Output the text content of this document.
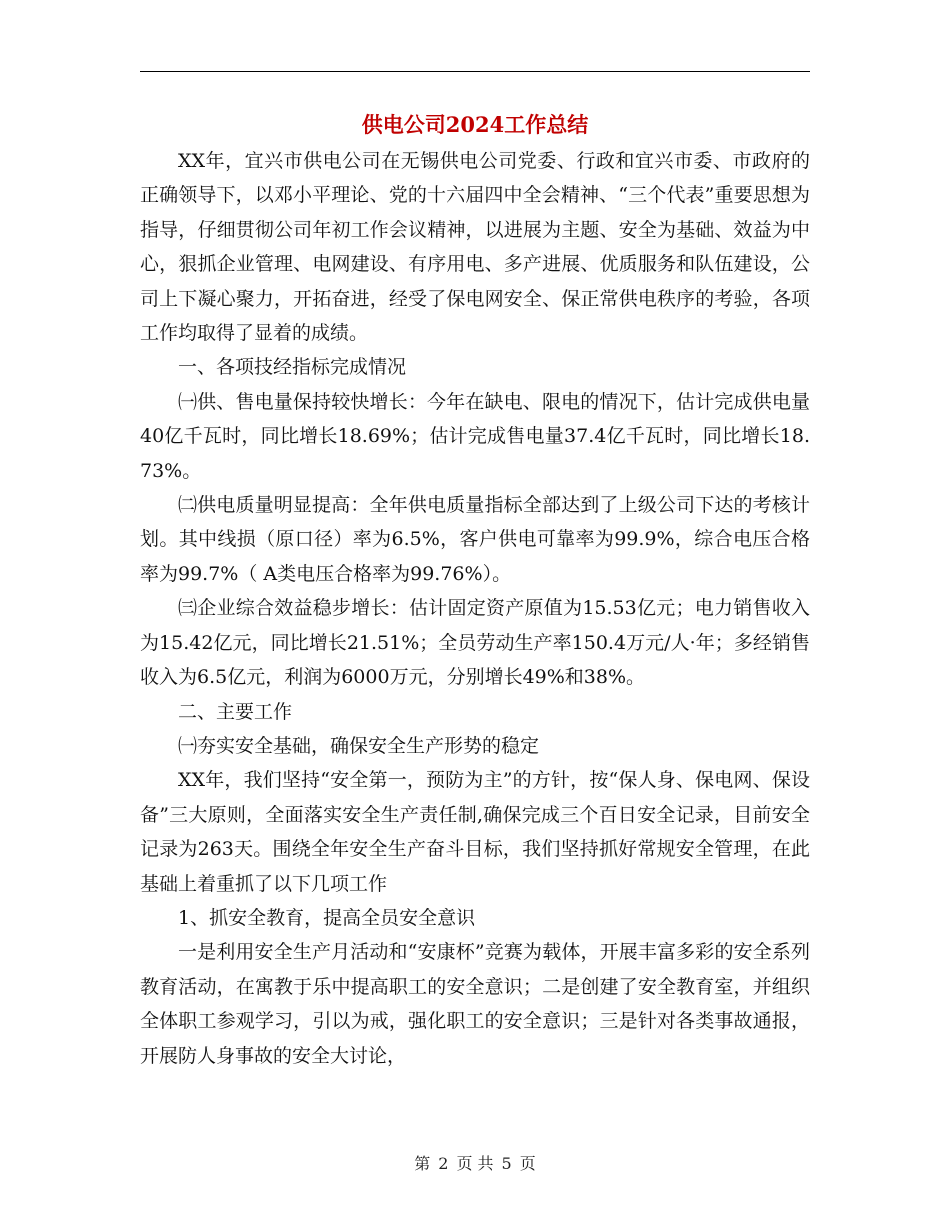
供电公司2024工作总结

XX年，宜兴市供电公司在无锡供电公司党委、行政和宜兴市委、市政府的正确领导下，以邓小平理论、党的十六届四中全会精神、“三个代表”重要思想为指导，仔细贯彻公司年初工作会议精神，以进展为主题、安全为基础、效益为中心，狠抓企业管理、电网建设、有序用电、多产进展、优质服务和队伍建设，公司上下凝心聚力，开拓奋进，经受了保电网安全、保正常供电秩序的考验，各项工作均取得了显着的成绩。

一、各项技经指标完成情况

㈠供、售电量保持较快增长：今年在缺电、限电的情况下，估计完成供电量40亿千瓦时，同比增长18.69%；估计完成售电量37.4亿千瓦时，同比增长18.73%。

㈡供电质量明显提高：全年供电质量指标全部达到了上级公司下达的考核计划。其中线损（原口径）率为6.5%，客户供电可靠率为99.9%，综合电压合格率为99.7%（ A类电压合格率为99.76%）。

㈢企业综合效益稳步增长：估计固定资产原值为15.53亿元；电力销售收入为15.42亿元，同比增长21.51%；全员劳动生产率150.4万元/人·年；多经销售收入为6.5亿元，利润为6000万元，分别增长49%和38%。

二、主要工作

㈠夯实安全基础，确保安全生产形势的稳定

XX年，我们坚持“安全第一，预防为主”的方针，按“保人身、保电网、保设备”三大原则，全面落实安全生产责任制,确保完成三个百日安全记录，目前安全记录为263天。围绕全年安全生产奋斗目标，我们坚持抓好常规安全管理，在此基础上着重抓了以下几项工作

1、抓安全教育，提高全员安全意识

一是利用安全生产月活动和“安康杯”竞赛为载体，开展丰富多彩的安全系列教育活动，在寓教于乐中提高职工的安全意识；二是创建了安全教育室，并组织全体职工参观学习，引以为戒，强化职工的安全意识；三是针对各类事故通报，开展防人身事故的安全大讨论，

第 2 页 共 5 页
